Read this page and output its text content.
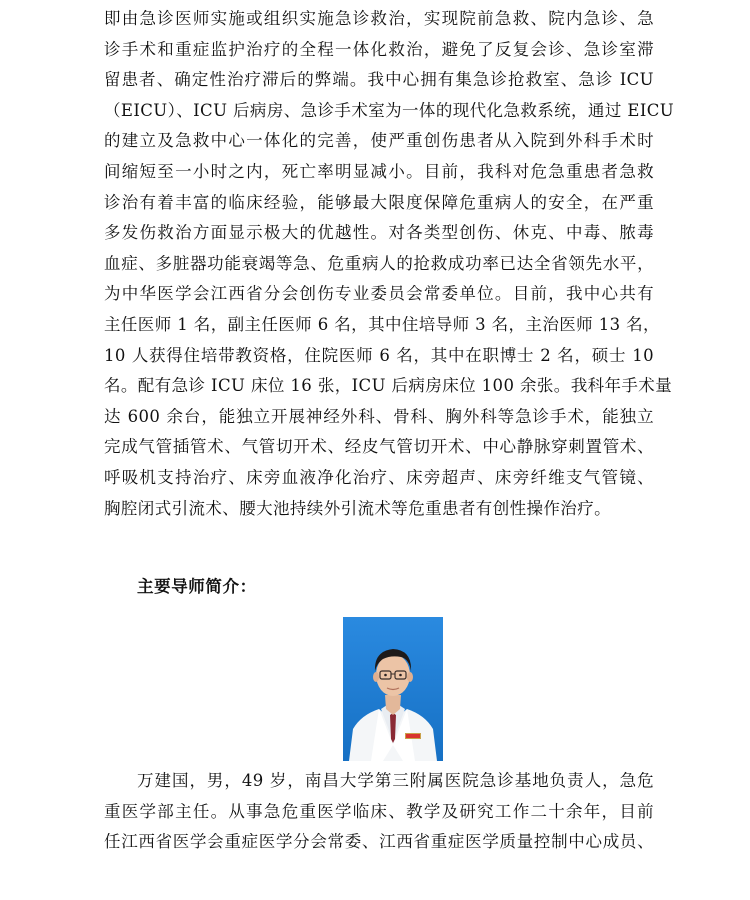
即由急诊医师实施或组织实施急诊救治，实现院前急救、院内急诊、急
诊手术和重症监护治疗的全程一体化救治，避免了反复会诊、急诊室滞
留患者、确定性治疗滞后的弊端。我中心拥有集急诊抢救室、急诊 ICU
（EICU）、ICU 后病房、急诊手术室为一体的现代化急救系统，通过 EICU
的建立及急救中心一体化的完善，使严重创伤患者从入院到外科手术时
间缩短至一小时之内，死亡率明显减小。目前，我科对危急重患者急救
诊治有着丰富的临床经验，能够最大限度保障危重病人的安全，在严重
多发伤救治方面显示极大的优越性。对各类型创伤、休克、中毒、脓毒
血症、多脏器功能衰竭等急、危重病人的抢救成功率已达全省领先水平，
为中华医学会江西省分会创伤专业委员会常委单位。目前，我中心共有
主任医师 1 名，副主任医师 6 名，其中住培导师 3 名，主治医师 13 名，
10 人获得住培带教资格，住院医师 6 名，其中在职博士 2 名，硕士 10
名。配有急诊 ICU 床位 16 张，ICU 后病房床位 100 余张。我科年手术量
达 600 余台，能独立开展神经外科、骨科、胸外科等急诊手术，能独立
完成气管插管术、气管切开术、经皮气管切开术、中心静脉穿刺置管术、
呼吸机支持治疗、床旁血液净化治疗、床旁超声、床旁纤维支气管镜、
胸腔闭式引流术、腰大池持续外引流术等危重患者有创性操作治疗。
主要导师简介：
万建国，男，49 岁，南昌大学第三附属医院急诊基地负责人，急危
重医学部主任。从事急危重医学临床、教学及研究工作二十余年，目前
任江西省医学会重症医学分会常委、江西省重症医学质量控制中心成员、
